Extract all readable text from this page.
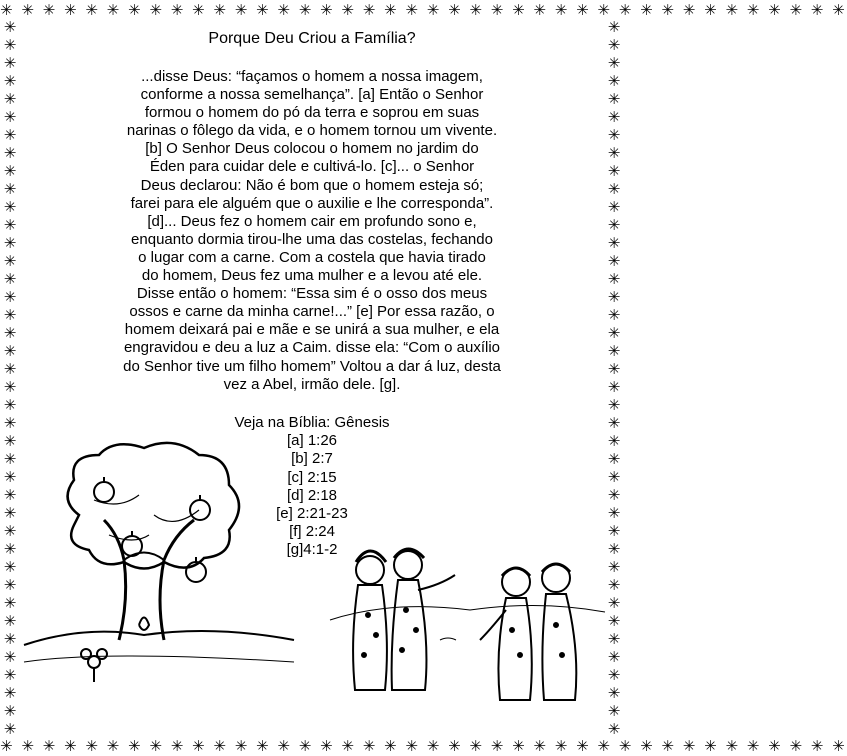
✳ ✳ ✳ ✳ ✳ ✳ ✳ ✳ ✳ ✳ ✳ ✳ ✳ ✳ ✳ ✳ ✳ ✳ ✳ ✳ ✳ ✳ ✳ ✳ ✳ ✳ ✳ ✳ ✳ ✳ ✳ ✳ ✳ ✳ ✳ ✳ ✳ ✳ ✳ ✳
✳ ✳ ✳ ✳ ✳ ✳ ✳ ✳ ✳ ✳ ✳ ✳ ✳ ✳ ✳ ✳ ✳ ✳ ✳ ✳ ✳ ✳ ✳ ✳ ✳ ✳ ✳ ✳ ✳ ✳ ✳ ✳ ✳ ✳ ✳ ✳ ✳ ✳ ✳ ✳
✳✳✳✳✳✳✳✳✳✳✳✳✳✳✳✳✳✳✳✳✳✳✳✳✳✳✳✳✳✳✳✳✳✳✳✳✳✳✳✳
✳✳✳✳✳✳✳✳✳✳✳✳✳✳✳✳✳✳✳✳✳✳✳✳✳✳✳✳✳✳✳✳✳✳✳✳✳✳✳✳
Porque Deu Criou a Família?

...disse Deus: “façamos o homem a nossa imagem,

conforme a nossa semelhança”. [a] Então o Senhor

formou o homem do pó da terra e soprou em suas

narinas o fôlego da vida, e o homem tornou um vivente.

[b] O Senhor Deus colocou o homem no jardim do

Éden para cuidar dele e cultivá-lo. [c]... o Senhor

Deus declarou: Não é bom que o homem esteja só;

farei para ele alguém que o auxilie e lhe corresponda”.

[d]... Deus fez o homem cair em profundo sono e,

enquanto dormia tirou-lhe uma das costelas, fechando

o lugar com a carne. Com a costela que havia tirado

do homem, Deus fez uma mulher e a levou até ele.

Disse então o homem: “Essa sim é o osso dos meus

ossos e carne da minha carne!...” [e] Por essa razão, o

homem deixará pai e mãe e se unirá a sua mulher, e ela

engravidou e deu a luz a Caim. disse ela: “Com o auxílio

do Senhor tive um filho homem” Voltou a dar á luz, desta

vez a Abel, irmão dele. [g].

Veja na Bíblia: Gênesis

[a] 1:26

[b] 2:7

[c] 2:15

[d] 2:18

[e] 2:21-23

[f] 2:24

[g]4:1-2
